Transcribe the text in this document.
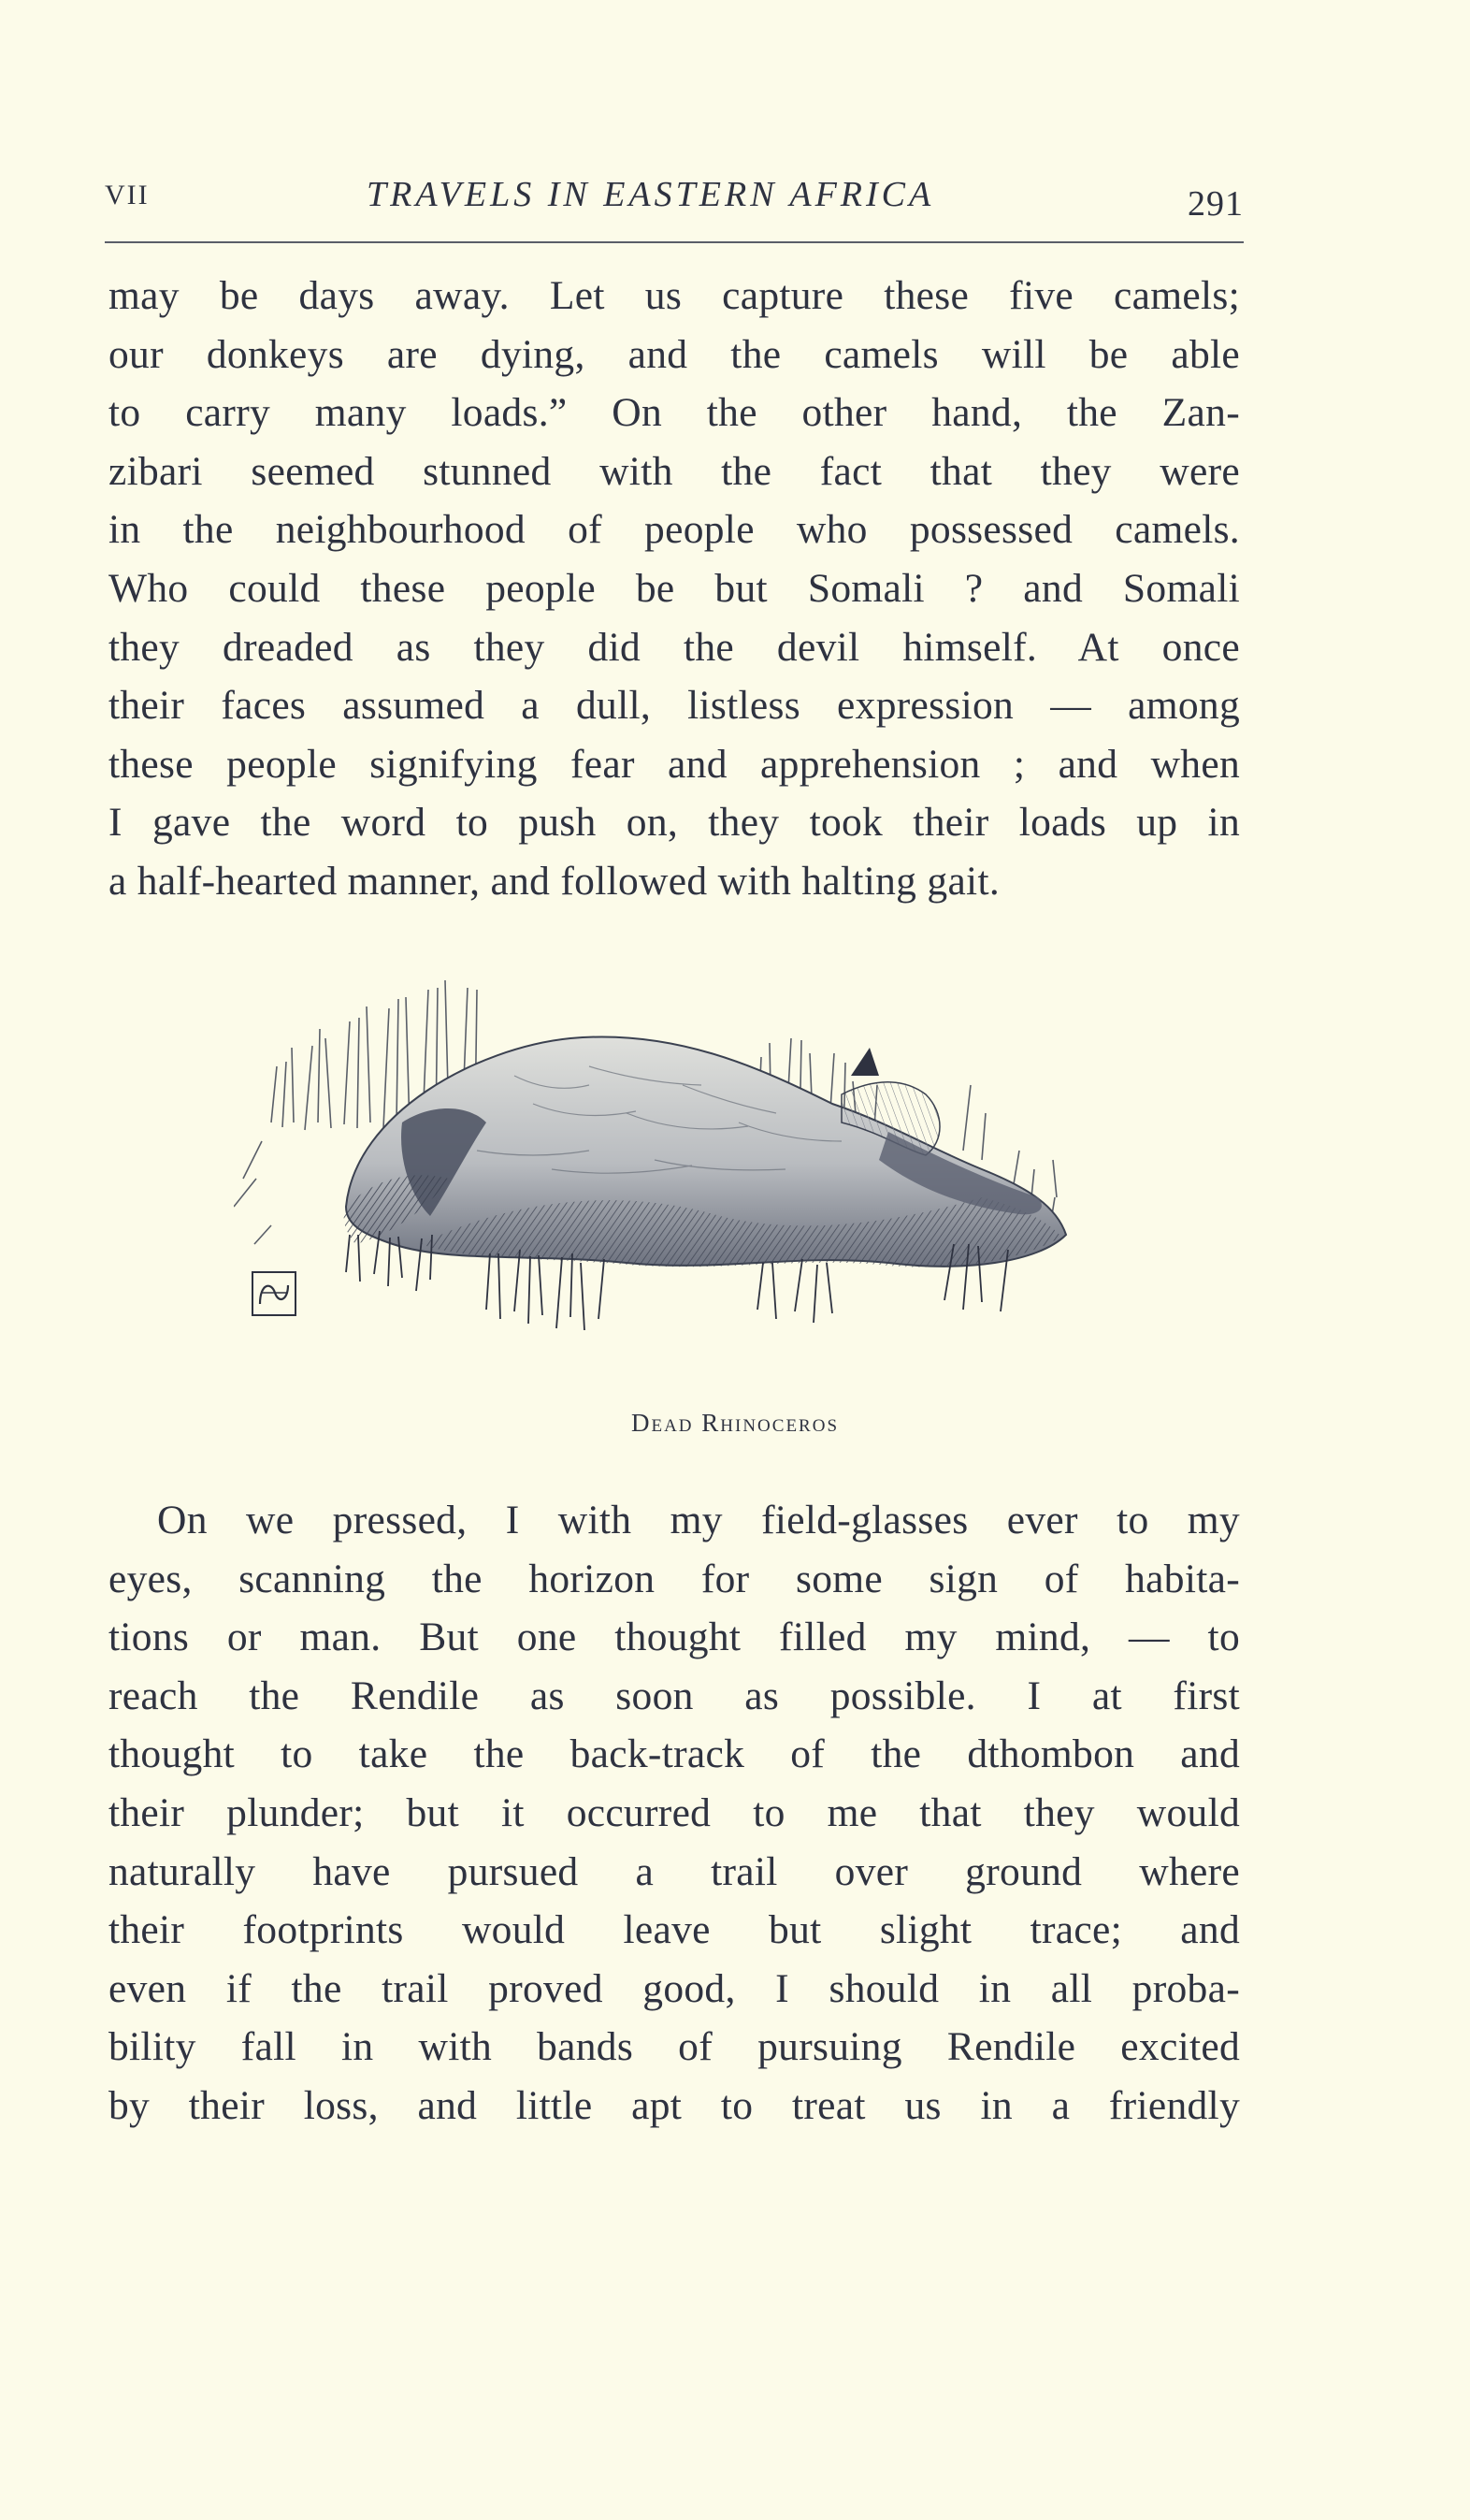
VII	TRAVELS IN EASTERN AFRICA	291
may be days away. Let us capture these five camels;
our donkeys are dying, and the camels will be able
to carry many loads.” On the other hand, the Zan-
zibari seemed stunned with the fact that they were
in the neighbourhood of people who possessed camels.
Who could these people be but Somali ? and Somali
they dreaded as they did the devil himself. At once
their faces assumed a dull, listless expression — among
these people signifying fear and apprehension ; and when
I gave the word to push on, they took their loads up in
a half-hearted manner, and followed with halting gait.
Dead Rhinoceros
On we pressed, I with my field-glasses ever to my
eyes, scanning the horizon for some sign of habita-
tions or man. But one thought filled my mind, — to
reach the Rendile as soon as possible. I at first
thought to take the back-track of the dthombon and
their plunder; but it occurred to me that they would
naturally have pursued a trail over ground where
their footprints would leave but slight trace; and
even if the trail proved good, I should in all proba-
bility fall in with bands of pursuing Rendile excited
by their loss, and little apt to treat us in a friendly
